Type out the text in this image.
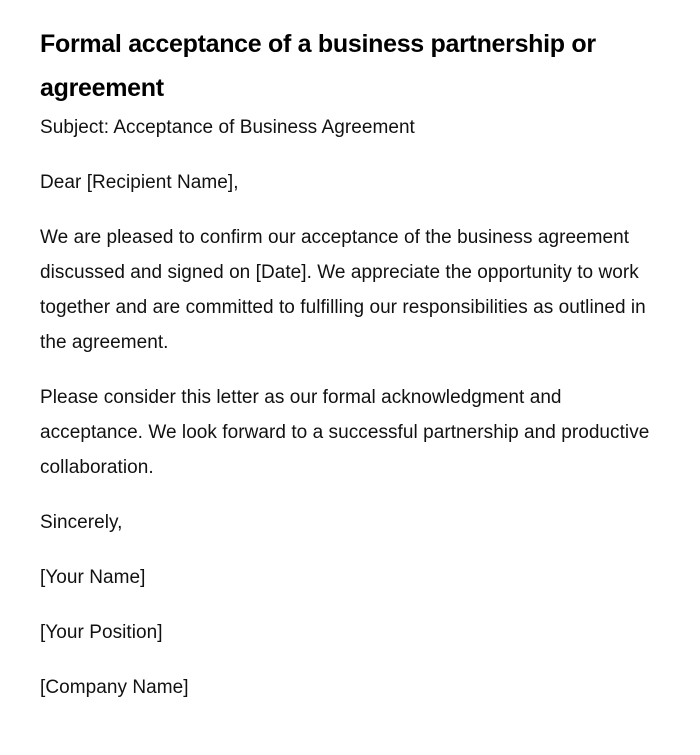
Formal acceptance of a business partnership or agreement

Subject: Acceptance of Business Agreement

Dear [Recipient Name],

We are pleased to confirm our acceptance of the business agreement discussed and signed on [Date]. We appreciate the opportunity to work together and are committed to fulfilling our responsibilities as outlined in the agreement.

Please consider this letter as our formal acknowledgment and acceptance. We look forward to a successful partnership and productive collaboration.

Sincerely,

[Your Name]

[Your Position]

[Company Name]
